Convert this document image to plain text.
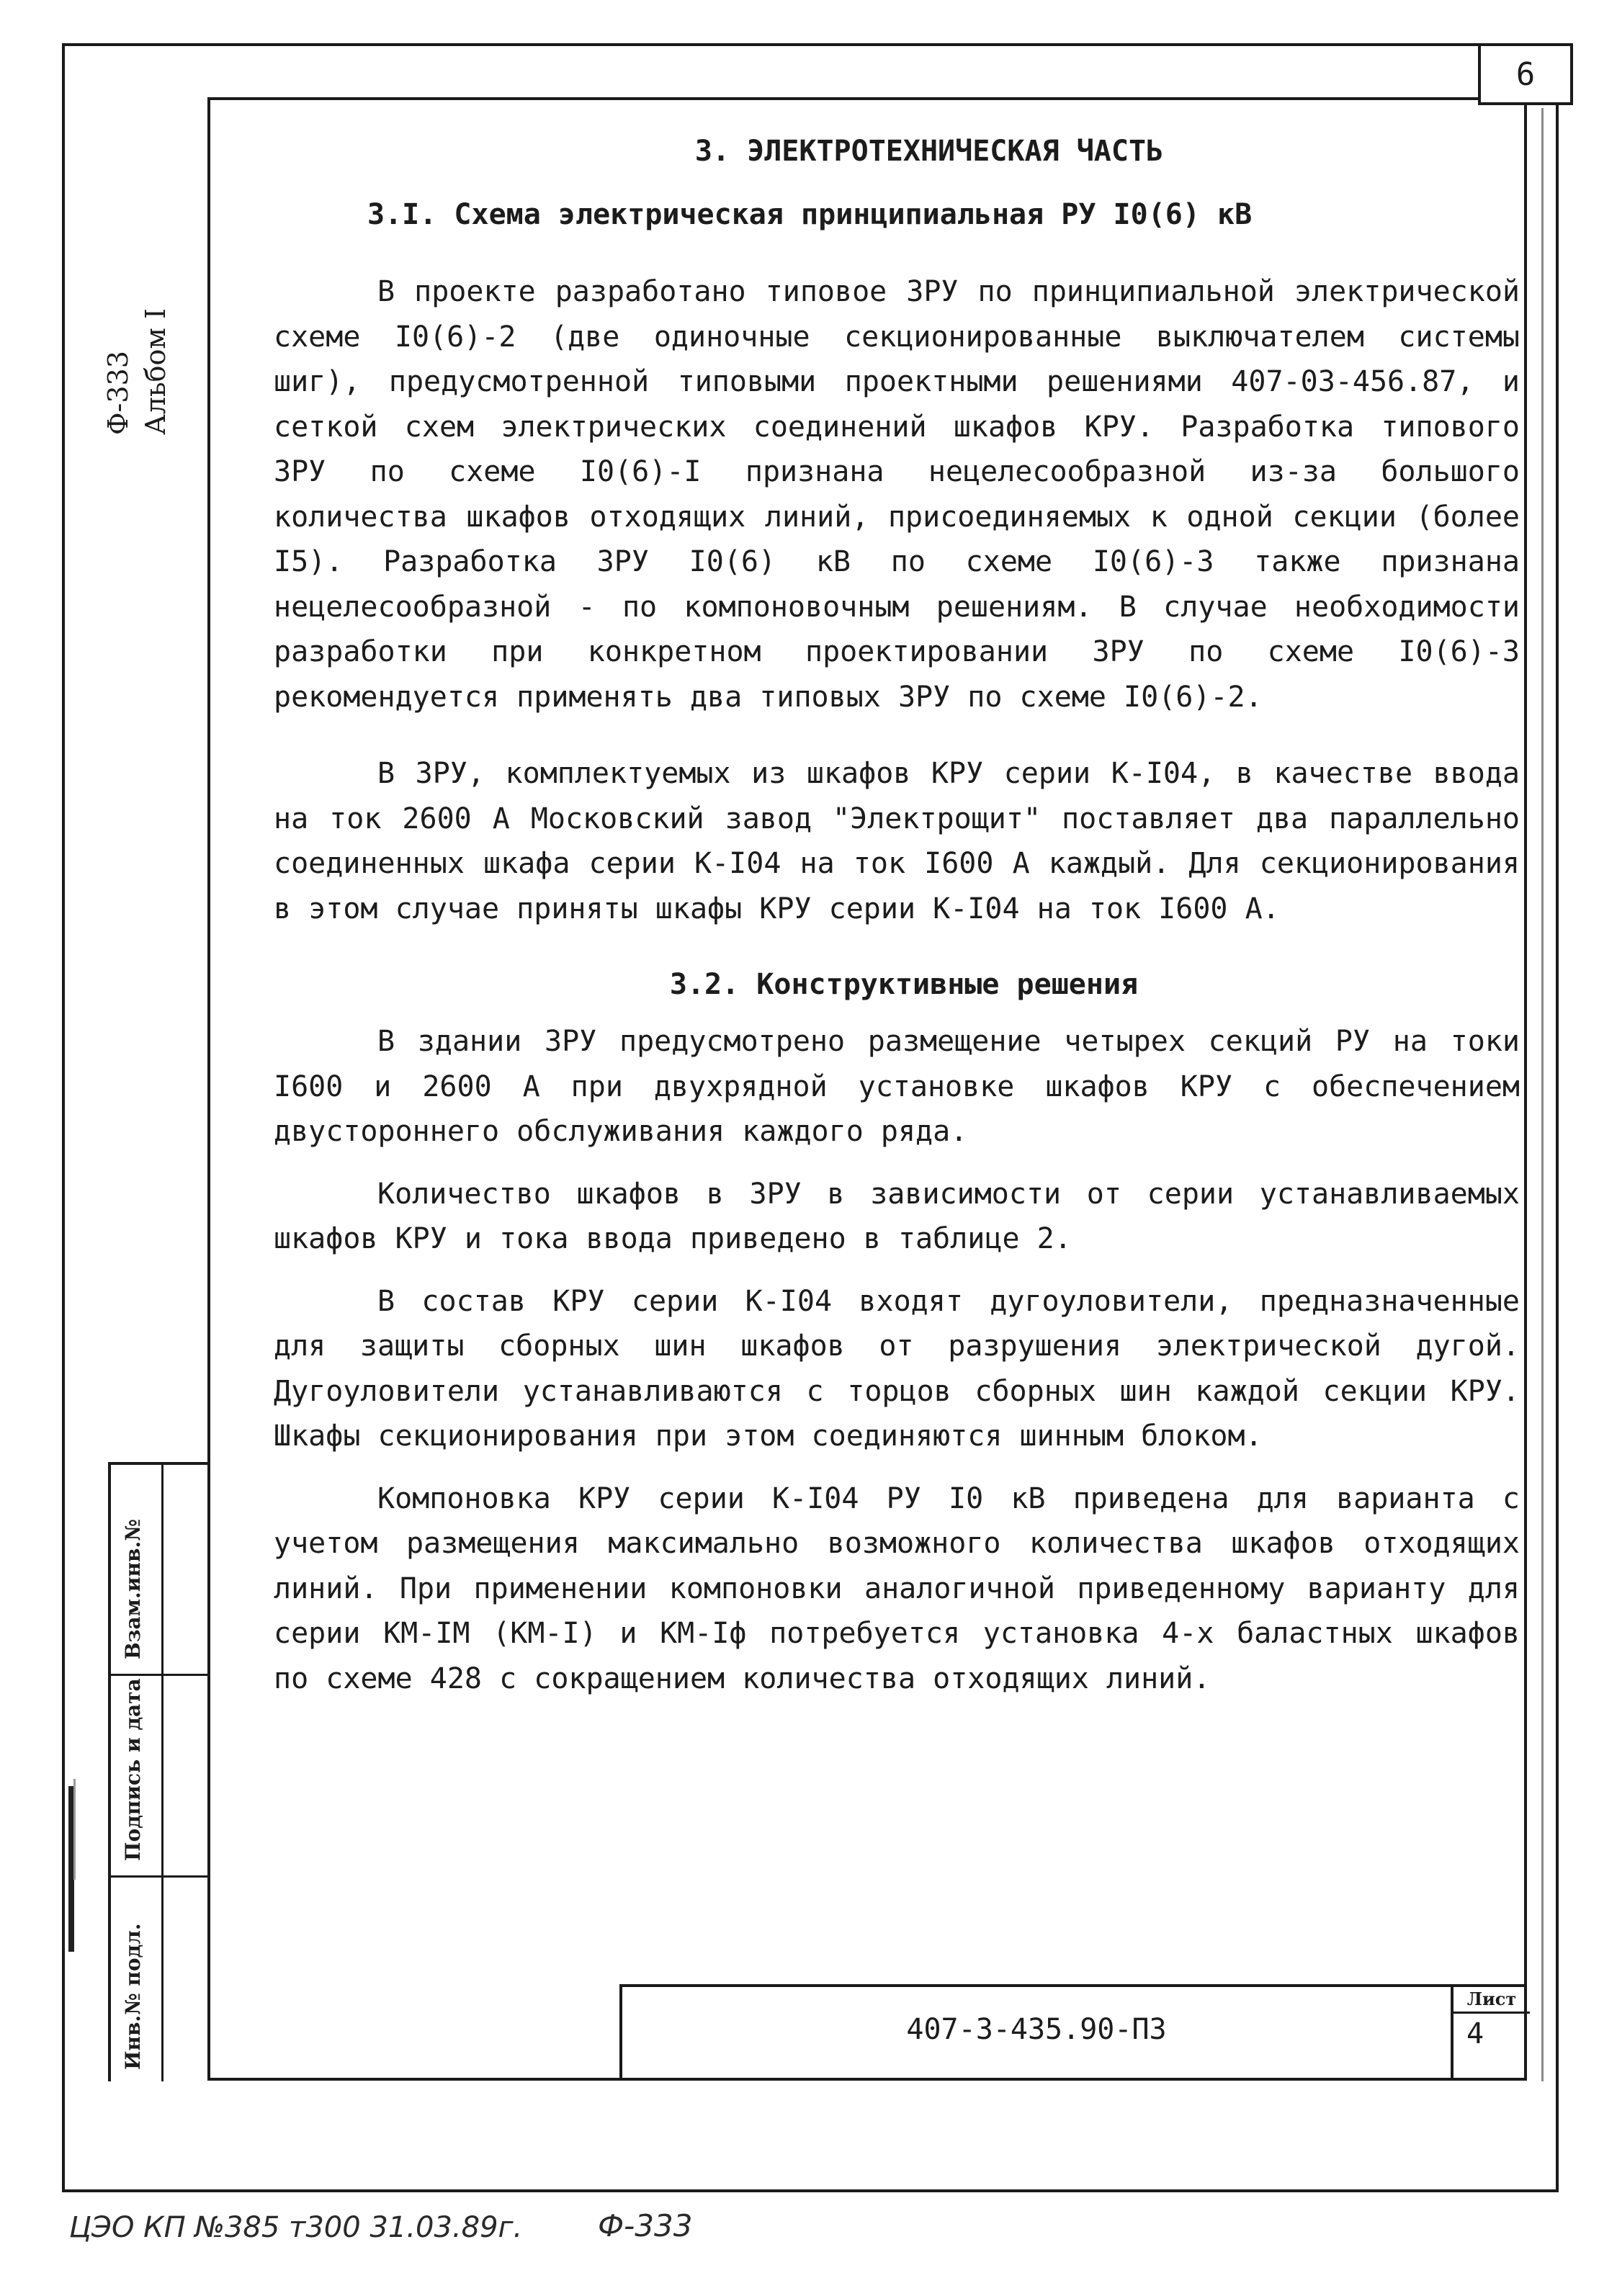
6
Ф-333 Альбом I
Взам.инв.№
Подпись и дата
Инв.№ подл.
3. ЭЛЕКТРОТЕХНИЧЕСКАЯ ЧАСТЬ
3.I. Схема электрическая принципиальная РУ I0(6) кВ

В проекте разработано типовое ЗРУ по принципиальной электрической схеме I0(6)-2 (две одиночные секционированные выключателем системы шиг), предусмотренной типовыми проектными решениями 407-03-456.87, и сеткой схем электрических соединений шкафов КРУ. Разработка типового ЗРУ по схеме I0(6)-I признана нецелесообразной из-за большого количества шкафов отходящих линий, присоединяемых к одной секции (более I5). Разработка ЗРУ I0(6) кВ по схеме I0(6)-3 также признана нецелесообразной - по компоновочным решениям. В случае необходимости разработки при конкретном проектировании ЗРУ по схеме I0(6)-3 рекомендуется применять два типовых ЗРУ по схеме I0(6)-2.

В ЗРУ, комплектуемых из шкафов КРУ серии К-I04, в качестве ввода на ток 2600 А Московский завод "Электрощит" поставляет два параллельно соединенных шкафа серии К-I04 на ток I600 А каждый. Для секционирования в этом случае приняты шкафы КРУ серии К-I04 на ток I600 А.

3.2. Конструктивные решения

В здании ЗРУ предусмотрено размещение четырех секций РУ на токи I600 и 2600 А при двухрядной установке шкафов КРУ с обеспечением двустороннего обслуживания каждого ряда.

Количество шкафов в ЗРУ в зависимости от серии устанавливаемых шкафов КРУ и тока ввода приведено в таблице 2.

В состав КРУ серии К-I04 входят дугоуловители, предназначенные для защиты сборных шин шкафов от разрушения электрической дугой. Дугоуловители устанавливаются с торцов сборных шин каждой секции КРУ. Шкафы секционирования при этом соединяются шинным блоком.

Компоновка КРУ серии К-I04 РУ I0 кВ приведена для варианта с учетом размещения максимально возможного количества шкафов отходящих линий. При применении компоновки аналогичной приведенному варианту для серии КМ-IМ (КМ-I) и КМ-Iф потребуется установка 4-х баластных шкафов по схеме 428 с сокращением количества отходящих линий.

407-3-435.90-ПЗ
Лист
4
ЦЭО КП №385 т300 31.03.89г. Ф-333
